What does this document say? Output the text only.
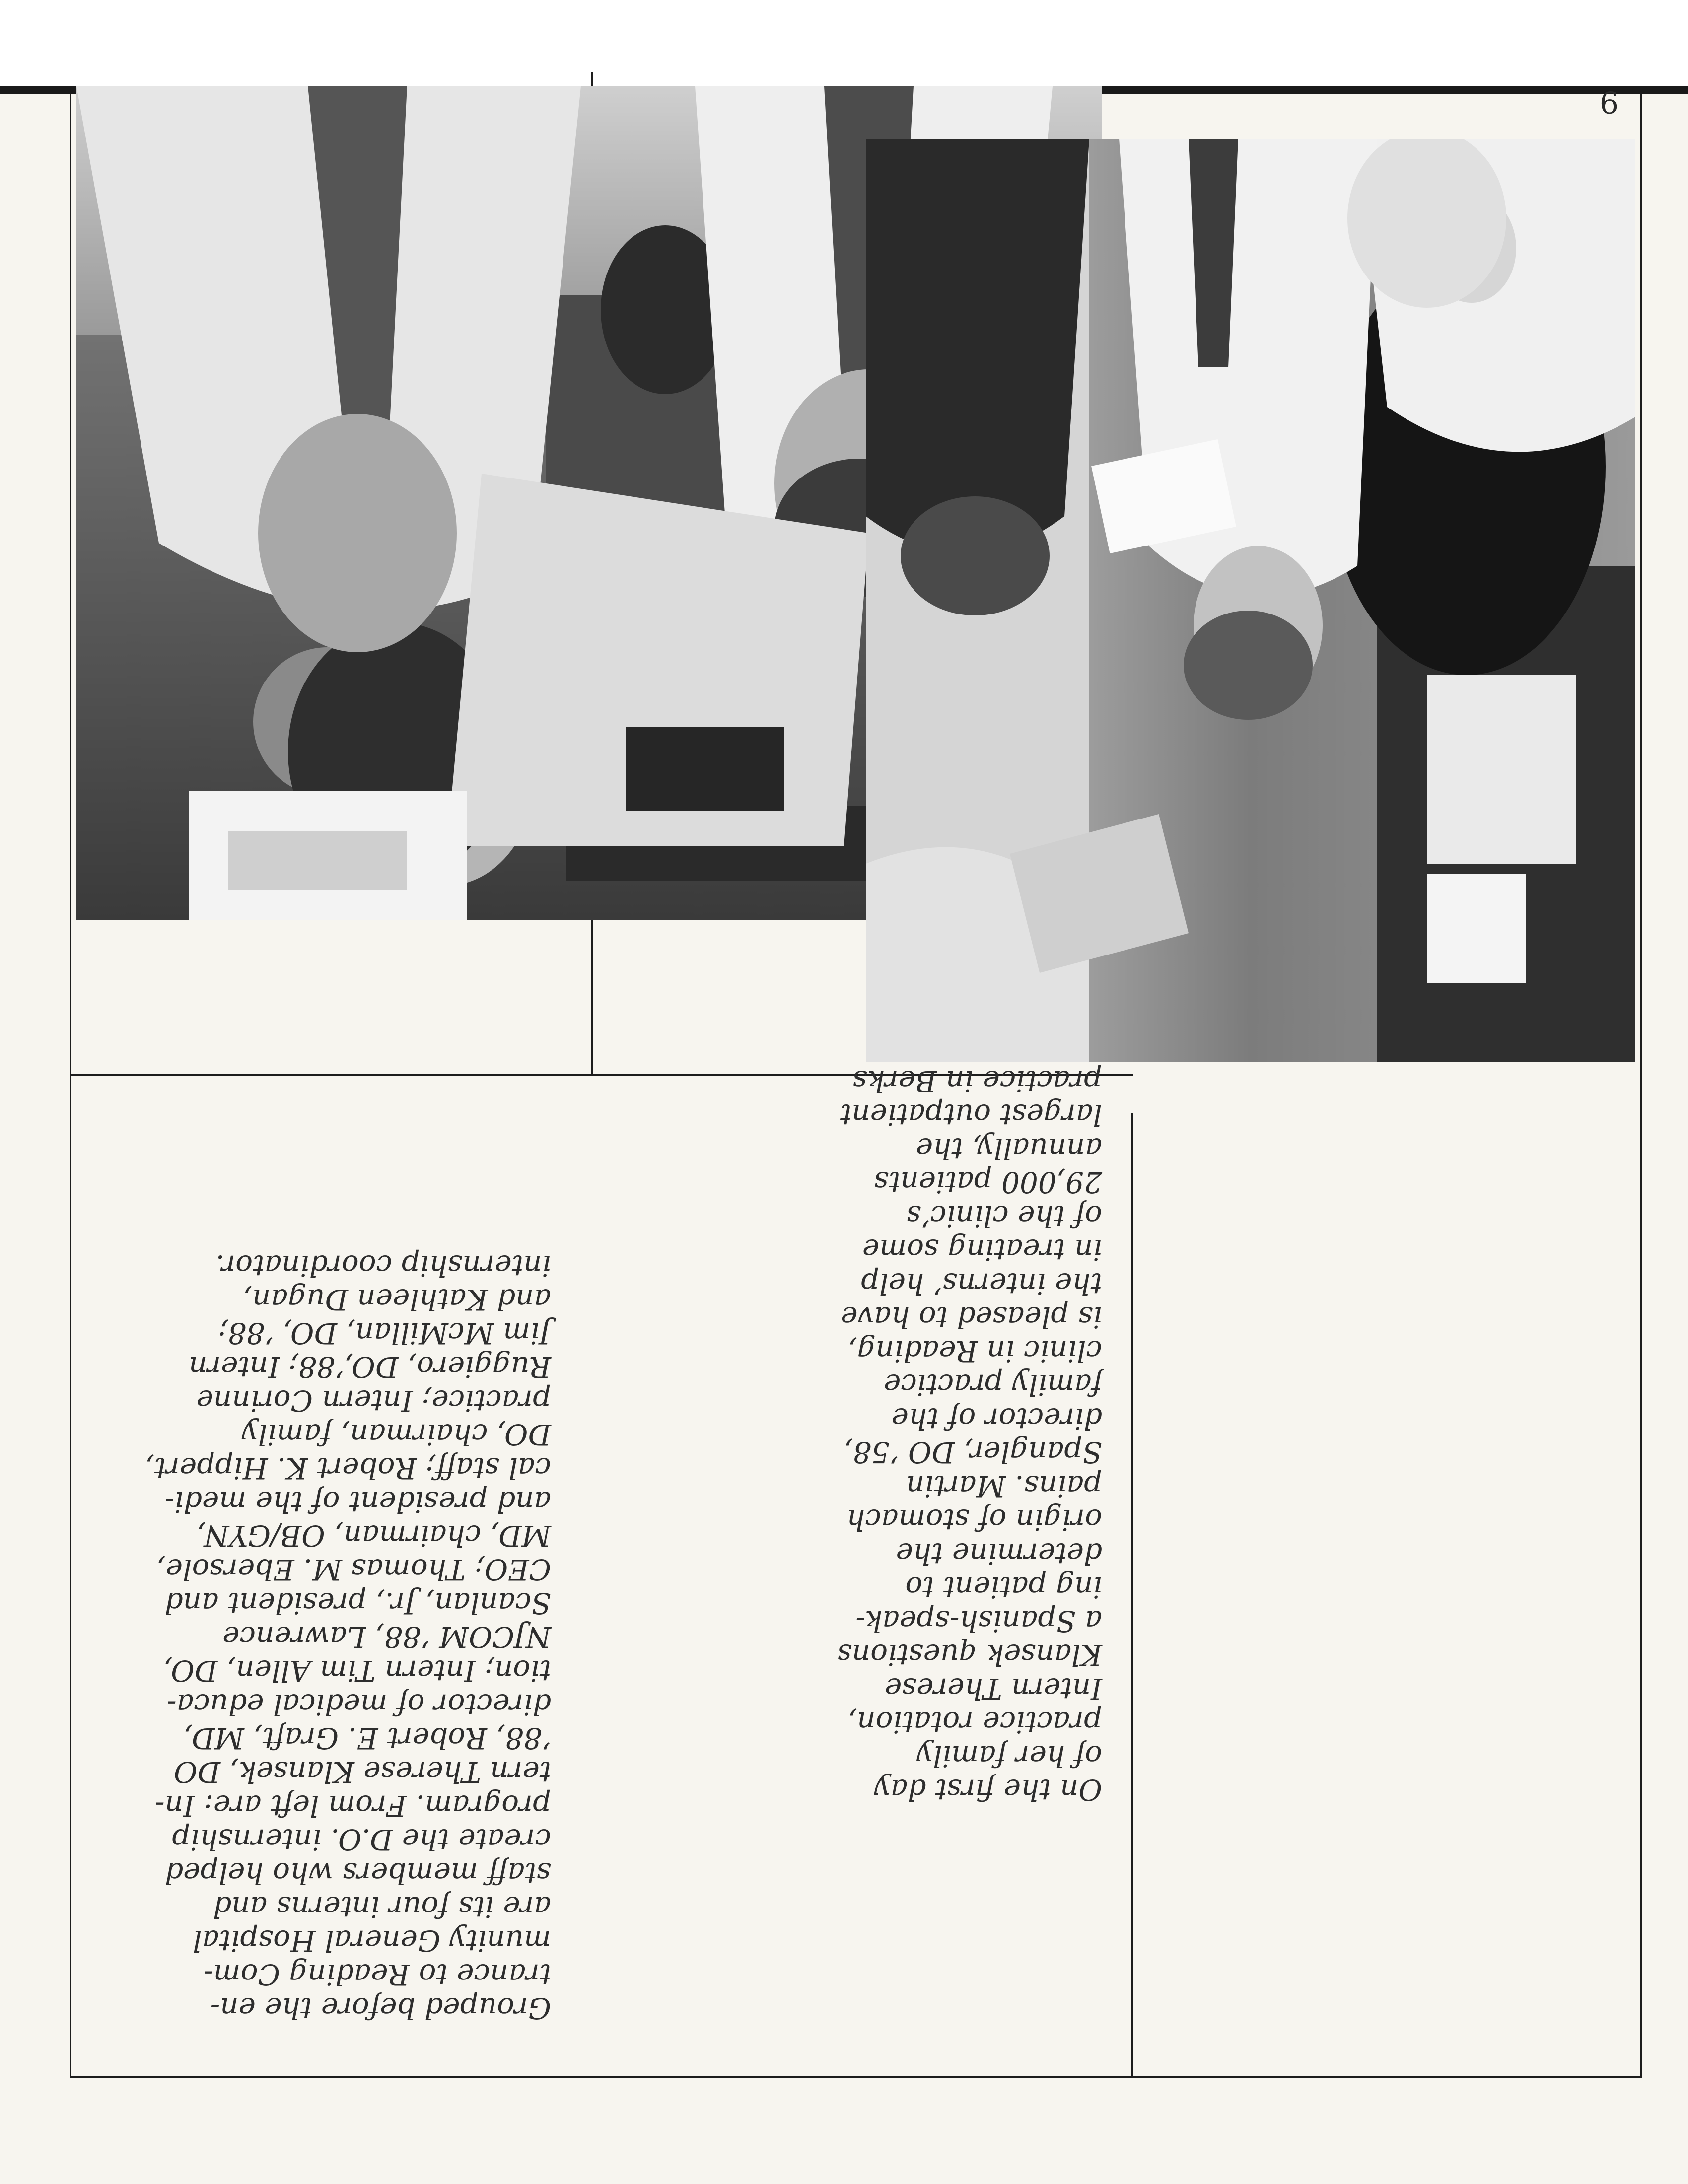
9

On the first day
of her family
practice rotation,
Intern Therese
Klansek questions
a Spanish-speak-
ing patient to
determine the
origin of stomach
pains. Martin
Spangler, DO ’58,
director of the
family practice
clinic in Reading,
is pleased to have
the interns’ help
in treating some
of the clinic’s
29,000 patients
annually, the
largest outpatient
practice in Berks

Grouped before the en-
trance to Reading Com-
munity General Hospital
are its four interns and
staff members who helped
create the D.O. internship
program. From left are: In-
tern Therese Klansek, DO
’88, Robert E. Graft, MD,
director of medical educa-
tion; Intern Tim Allen, DO,
NJCOM ’88, Lawrence
Scanlan, Jr., president and
CEO; Thomas M. Ebersole,
MD, chairman, OB/GYN,
and president of the medi-
cal staff; Robert K. Hippert,
DO, chairman, family
practice; Intern Corinne
Ruggiero, DO,’88; Intern
Jim McMillan, DO, ’88;
and Kathleen Dugan,
internship coordinator.
